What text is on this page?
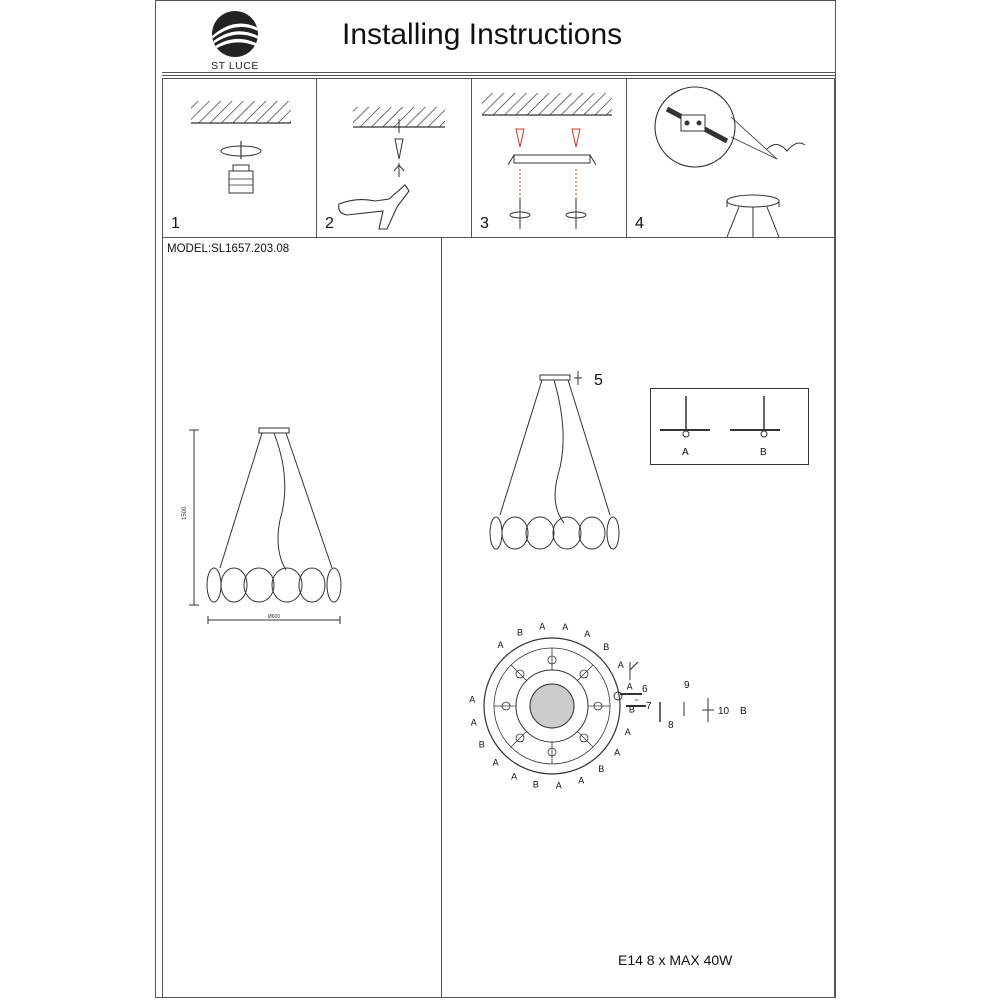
ST LUCE
Installing Instructions
1	2	3	4
MODEL:SL1657.203.08
1500
Ø600
5
A	B
6
7
8
9
10 B
A
B
A A
A
B
A
A
B
A
A
B
A
A
B
A
A
B
A
A
E14 8 x MAX 40W
